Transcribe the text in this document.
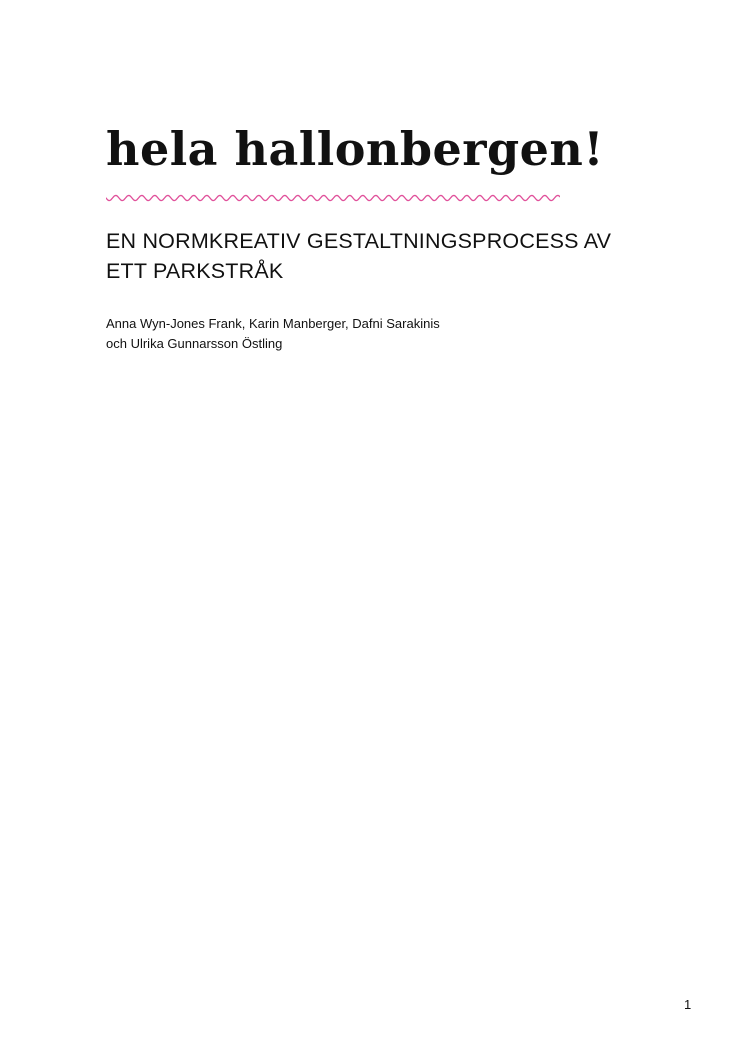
hela hallonbergen!
EN NORMKREATIV GESTALTNINGSPROCESS AV
ETT PARKSTRÅK

Anna Wyn-Jones Frank, Karin Manberger, Dafni Sarakinis
och Ulrika Gunnarsson Östling

1
